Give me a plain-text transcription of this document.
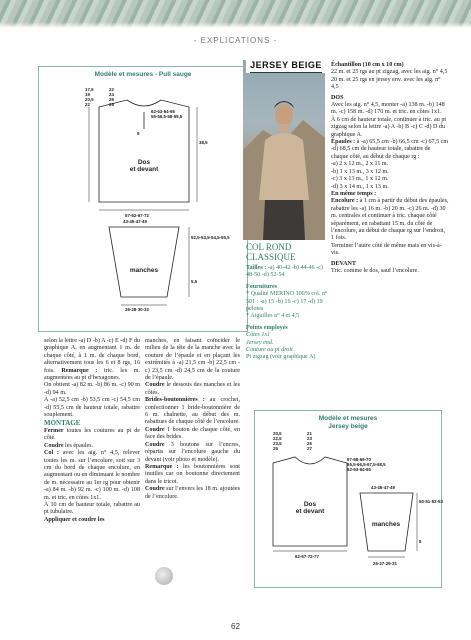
- EXPLICATIONS -
Modèle et mesures - Pull sauge
17,5
19
20,5
22
22
24
26
28
62-63-64-65
55-56,5-58-59,5
9
38,5
Dos
et devant
57-62-67-72
43-45-47-49
52,5-53,5-54,5-55,5
5,5
manches
26-28-30-32

selon la lettre -a) D -b) A -c) E -d) F du graphique A, en augmentant 1 m. de chaque côté, à 1 m. de chaque bord, alternativement tous les 6 et 8 rgs, 16 fois. Remarque : tric. les m. augmentées au pt d’hexagones.

On obtient -a) 82 m. -b) 86 m. -c) 90 m -d) 94 m.

À -a) 52,5 cm -b) 53,5 cm -c) 54,5 cm -d) 55,5 cm de hauteur totale, rabattre souplement.

MONTAGE

Fermer toutes les coutures au pt de côté.

Coudre les épaules.

Col : avec les aig. n° 4,5, relever toutes les m. sur l’encolure, soit sur 3 cm du bord de chaque encolure, en augmentant ou en diminuant le nombre de m. nécessaire au 1er rg pour obtenir -a) 84 m. -b) 92 m. -c) 100 m. -d) 108 m. et tric. en côtes 1x1.

À 10 cm de hauteur totale, rabattre au pt tubulaire.

Appliquer et coudre les

manches, en faisant coïncider le milieu de la tête de la manche avec la couture de l’épaule et en plaçant les extrémités à -a) 21,5 cm -b) 22,5 cm -c) 23,5 cm -d) 24,5 cm de la couture de l’épaule.

Coudre le dessous des manches et les côtés.

Brides-boutonnières : au crochet, confectionner 1 bride-boutonnière de 6 m. chaînette, au début des m. rabattues de chaque côté de l’encolure.

Coudre 1 bouton de chaque côté, en face des brides.

Coudre 3 boutons sur l’encres, répartis sur l’encolure gauche du devant (voir photo et modèle).

Remarque : les boutonnières sont inutiles car on boutonne directement dans le tricot.

Coudre sur l’envers les 18 m. ajoutées de l’encolure.

JERSEY BEIGE
COL ROND CLASSIQUE

Tailles : -a) 40-42 -b) 44-46 -c) 48-50 -d) 52-54

Fournitures

* Qualité MERINO 100% col. n° 501 : -a) 15 -b) 16 -c) 17 -d) 19 pelotes

* Aiguilles n° 4 et 4,5

Points employés

Côtes 1x1

Jersey end.

Couture au pt droit

Pt zigzag (voir graphique A)

Échantillon (10 cm x 10 cm)

22 m. et 25 rgs au pt zigzag, avec les aig. n° 4,5

20 m. et 25 rgs en jersey env. avec les aig. n° 4,5

DOS

Avec les aig. n° 4,5, monter -a) 138 m. -b) 148 m. -c) 158 m. -d) 170 m. et tric. en côtes 1x1.

À 6 cm de hauteur totale, continuer à tric. au pt zigzag selon la lettre -a) A -b) B -c) C -d) D du graphique A.

Épaules : à -a) 65,5 cm -b) 66,5 cm -c) 67,5 cm -d) 68,5 cm de hauteur totale, rabattre de chaque côté, au début de chaque rg :

-a) 2 x 12 m., 2 x 11 m.

-b) 1 x 13 m., 3 x 12 m.

-c) 3 x 13 m., 1 x 12 m.

-d) 3 x 14 m., 1 x 13 m.

En même temps :

Encolure : à 1 cm à partir du début des épaules, rabattre les -a) 16 m. -b) 20 m. -c) 26 m. -d) 30 m. centrales et continuer à tric. chaque côté séparément, en rabattant 15 m. du côté de l’encolure, au début de chaque rg sur l’endroit, 1 fois.

Terminer l’autre côté de même mais en vis-à-vis.

DEVANT

Tric. comme le dos, sauf l’encolure.

Modèle et mesures
Jersey beige
20,5
22,5
23,5
25
21
23
25
27
67-68-69-70
65,5-66,5-67,5-68,5
62-63-64-65
Dos
et devant
62-67-72-77
43-45-47-49
50-51-52-53
5
manches
25-27-29-31
62
